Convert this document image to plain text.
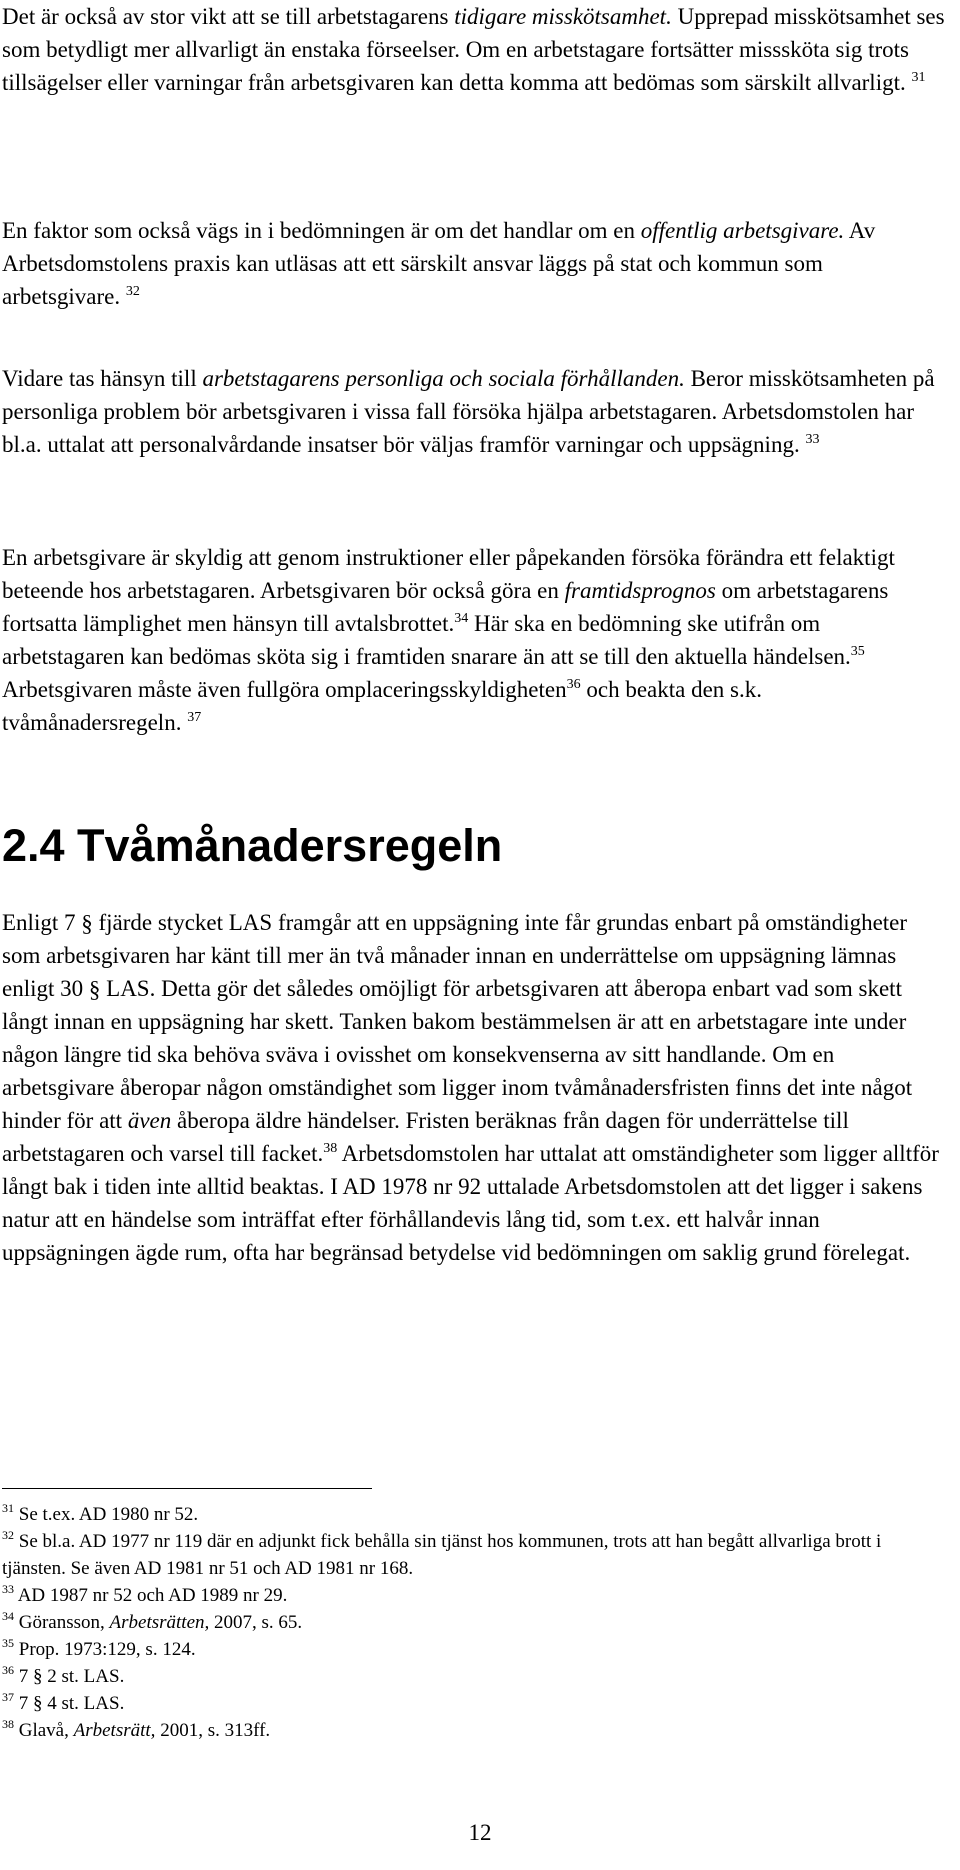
Det är också av stor vikt att se till arbetstagarens tidigare misskötsamhet. Upprepad misskötsamhet ses som betydligt mer allvarligt än enstaka förseelser. Om en arbetstagare fortsätter misssköta sig trots tillsägelser eller varningar från arbetsgivaren kan detta komma att bedömas som särskilt allvarligt. $^{31}$

En faktor som också vägs in i bedömningen är om det handlar om en offentlig arbetsgivare. Av Arbetsdomstolens praxis kan utläsas att ett särskilt ansvar läggs på stat och kommun som arbetsgivare. $^{32}$

Vidare tas hänsyn till arbetstagarens personliga och sociala förhållanden. Beror misskötsamheten på personliga problem bör arbetsgivaren i vissa fall försöka hjälpa arbetstagaren. Arbetsdomstolen har bl.a. uttalat att personalvårdande insatser bör väljas framför varningar och uppsägning. $^{33}$

En arbetsgivare är skyldig att genom instruktioner eller påpekanden försöka förändra ett felaktigt beteende hos arbetstagaren. Arbetsgivaren bör också göra en framtidsprognos om arbetstagarens fortsatta lämplighet men hänsyn till avtalsbrottet.$^{34}$ Här ska en bedömning ske utifrån om arbetstagaren kan bedömas sköta sig i framtiden snarare än att se till den aktuella händelsen.$^{35}$ Arbetsgivaren måste även fullgöra omplaceringsskyldigheten$^{36}$ och beakta den s.k. tvåmånadersregeln. $^{37}$

2.4 Tvåmånadersregeln

Enligt 7 § fjärde stycket LAS framgår att en uppsägning inte får grundas enbart på omständigheter som arbetsgivaren har känt till mer än två månader innan en underrättelse om uppsägning lämnas enligt 30 § LAS. Detta gör det således omöjligt för arbetsgivaren att åberopa enbart vad som skett långt innan en uppsägning har skett. Tanken bakom bestämmelsen är att en arbetstagare inte under någon längre tid ska behöva sväva i ovisshet om konsekvenserna av sitt handlande. Om en arbetsgivare åberopar någon omständighet som ligger inom tvåmånadersfristen finns det inte något hinder för att även åberopa äldre händelser. Fristen beräknas från dagen för underrättelse till arbetstagaren och varsel till facket.$^{38}$ Arbetsdomstolen har uttalat att omständigheter som ligger alltför långt bak i tiden inte alltid beaktas. I AD 1978 nr 92 uttalade Arbetsdomstolen att det ligger i sakens natur att en händelse som inträffat efter förhållandevis lång tid, som t.ex. ett halvår innan uppsägningen ägde rum, ofta har begränsad betydelse vid bedömningen om saklig grund förelegat.

$^{31}$ Se t.ex. AD 1980 nr 52.

$^{32}$ Se bl.a. AD 1977 nr 119 där en adjunkt fick behålla sin tjänst hos kommunen, trots att han begått allvarliga brott i tjänsten. Se även AD 1981 nr 51 och AD 1981 nr 168.

$^{33}$ AD 1987 nr 52 och AD 1989 nr 29.

$^{34}$ Göransson, Arbetsrätten, 2007, s. 65.

$^{35}$ Prop. 1973:129, s. 124.

$^{36}$ 7 § 2 st. LAS.

$^{37}$ 7 § 4 st. LAS.

$^{38}$ Glavå, Arbetsrätt, 2001, s. 313ff.

12
